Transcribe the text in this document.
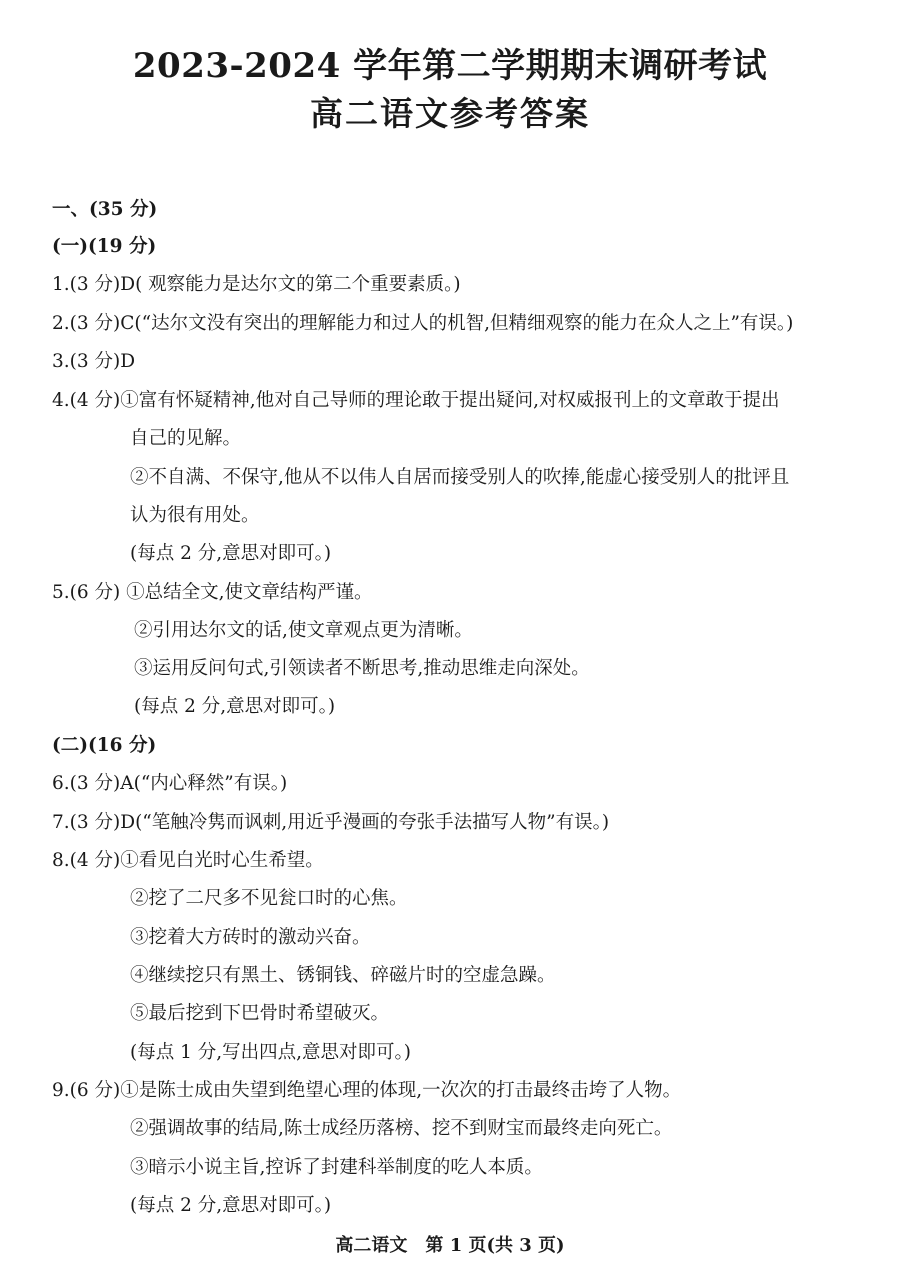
2023-2024 学年第二学期期末调研考试
高二语文参考答案
一、(35 分)
(一)(19 分)
1.(3 分)D( 观察能力是达尔文的第二个重要素质。)
2.(3 分)C(“达尔文没有突出的理解能力和过人的机智,但精细观察的能力在众人之上”有误。)
3.(3 分)D
4.(4 分)①富有怀疑精神,他对自己导师的理论敢于提出疑问,对权威报刊上的文章敢于提出
自己的见解。
②不自满、不保守,他从不以伟人自居而接受别人的吹捧,能虚心接受别人的批评且
认为很有用处。
(每点 2 分,意思对即可。)
5.(6 分) ①总结全文,使文章结构严谨。
②引用达尔文的话,使文章观点更为清晰。
③运用反问句式,引领读者不断思考,推动思维走向深处。
(每点 2 分,意思对即可。)
(二)(16 分)
6.(3 分)A(“内心释然”有误。)
7.(3 分)D(“笔触冷隽而讽刺,用近乎漫画的夸张手法描写人物”有误。)
8.(4 分)①看见白光时心生希望。
②挖了二尺多不见瓮口时的心焦。
③挖着大方砖时的激动兴奋。
④继续挖只有黑土、锈铜钱、碎磁片时的空虚急躁。
⑤最后挖到下巴骨时希望破灭。
(每点 1 分,写出四点,意思对即可。)
9.(6 分)①是陈士成由失望到绝望心理的体现,一次次的打击最终击垮了人物。
②强调故事的结局,陈士成经历落榜、挖不到财宝而最终走向死亡。
③暗示小说主旨,控诉了封建科举制度的吃人本质。
(每点 2 分,意思对即可。)
高二语文　第 1 页(共 3 页)
